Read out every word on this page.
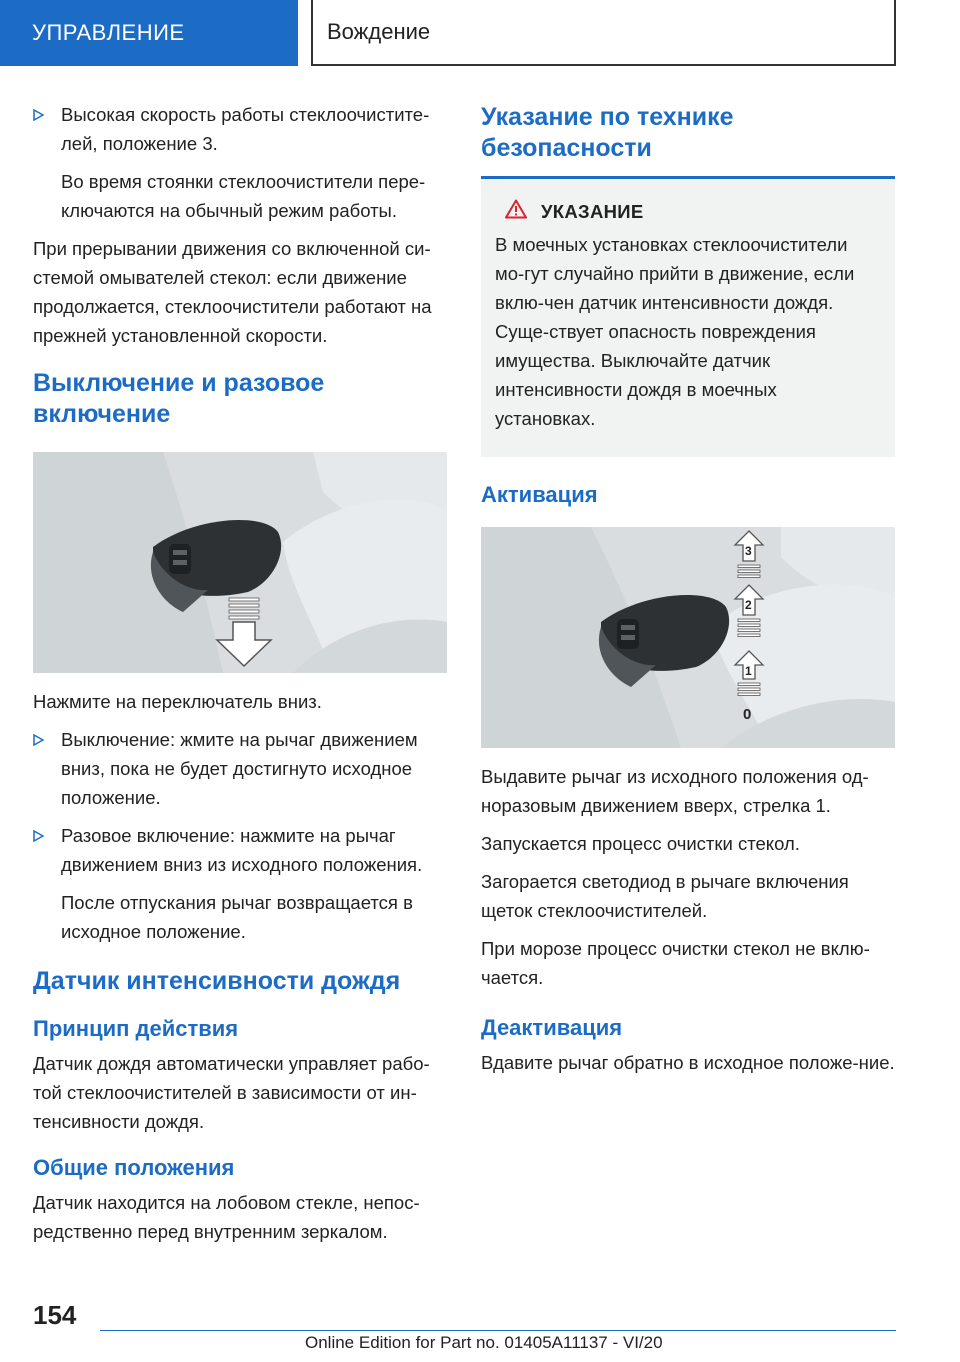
УПРАВЛЕНИЕ	Вождение

Высокая скорость работы стеклоочистите-лей, положение 3.

Во время стоянки стеклоочистители пере-ключаются на обычный режим работы.

При прерывании движения со включенной си-стемой омывателей стекол: если движение продолжается, стеклоочистители работают на прежней установленной скорости.

Выключение и разовое включение

Нажмите на переключатель вниз.

Выключение: жмите на рычаг движением вниз, пока не будет достигнуто исходное положение.

Разовое включение: нажмите на рычаг движением вниз из исходного положения.

После отпускания рычаг возвращается в исходное положение.

Датчик интенсивности дождя
Принцип действия

Датчик дождя автоматически управляет рабо-той стеклоочистителей в зависимости от ин-тенсивности дождя.

Общие положения

Датчик находится на лобовом стекле, непос-редственно перед внутренним зеркалом.

Указание по технике безопасности
УКАЗАНИЕ

В моечных установках стеклоочистители мо-гут случайно прийти в движение, если вклю-чен датчик интенсивности дождя. Суще-ствует опасность повреждения имущества. Выключайте датчик интенсивности дождя в моечных установках.

Активация
3
2
1
0

Выдавите рычаг из исходного положения од-норазовым движением вверх, стрелка 1.

Запускается процесс очистки стекол.

Загорается светодиод в рычаге включения щеток стеклоочистителей.

При морозе процесс очистки стекол не вклю-чается.

Деактивация

Вдавите рычаг обратно в исходное положе-ние.

154
Online Edition for Part no. 01405A11137 - VI/20
